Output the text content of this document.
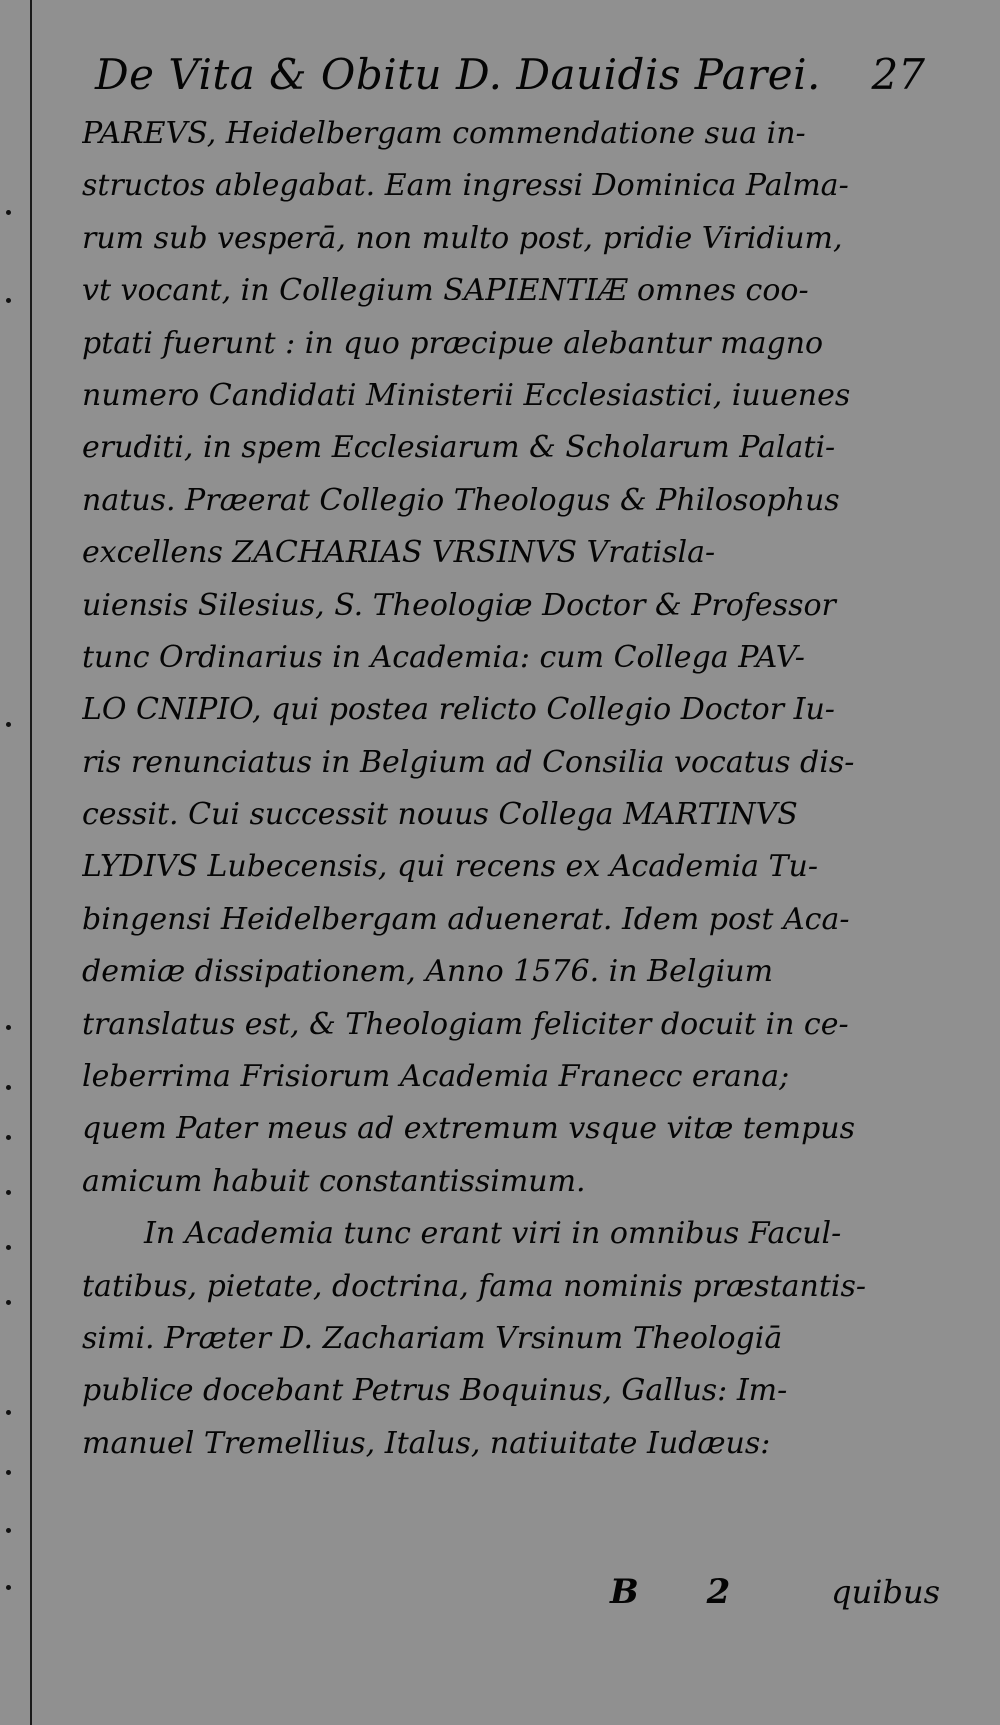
De Vita & Obitu D. Dauidis Parei. 27
PAREVS, Heidelbergam commendatione sua in-
structos ablegabat. Eam ingressi Dominica Palma-
rum sub vesperā, non multo post, pridie Viridium,
vt vocant, in Collegium SAPIENTIÆ omnes coo-
ptati fuerunt : in quo præcipue alebantur magno
numero Candidati Ministerii Ecclesiastici, iuuenes
eruditi, in spem Ecclesiarum & Scholarum Palati-
natus. Præerat Collegio Theologus & Philosophus
excellens ZACHARIAS VRSINVS Vratisla-
uiensis Silesius, S. Theologiæ Doctor & Professor
tunc Ordinarius in Academia: cum Collega PAV-
LO CNIPIO, qui postea relicto Collegio Doctor Iu-
ris renunciatus in Belgium ad Consilia vocatus dis-
cessit. Cui successit nouus Collega MARTINVS
LYDIVS Lubecensis, qui recens ex Academia Tu-
bingensi Heidelbergam aduenerat. Idem post Aca-
demiæ dissipationem, Anno 1576. in Belgium
translatus est, & Theologiam feliciter docuit in ce-
leberrima Frisiorum Academia Franecc erana;
quem Pater meus ad extremum vsque vitæ tempus
amicum habuit constantissimum.
In Academia tunc erant viri in omnibus Facul-
tatibus, pietate, doctrina, fama nominis præstantis-
simi. Præter D. Zachariam Vrsinum Theologiā
publice docebant Petrus Boquinus, Gallus: Im-
manuel Tremellius, Italus, natiuitate Iudæus:
B 2 quibus
